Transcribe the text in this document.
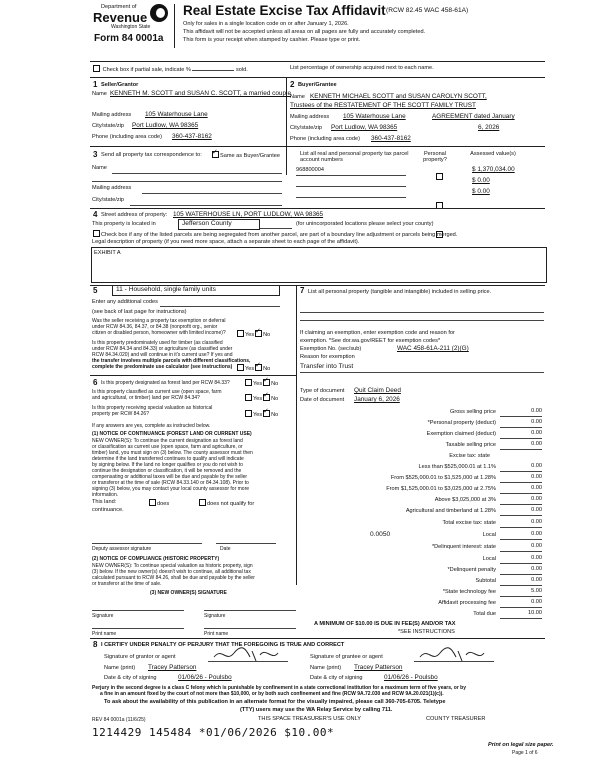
Department of
Revenue
Washington State
Form 84 0001a
Real Estate Excise Tax Affidavit (RCW 82.45 WAC 458-61A)
Only for sales in a single location code on or after January 1, 2026.
This affidavit will not be accepted unless all areas on all pages are fully and accurately completed.
This form is your receipt when stamped by cashier. Please type or print.
Check box if partial sale, indicate %	sold.	List percentage of ownership acquired next to each name.
1 Seller/Grantor
Name KENNETH M. SCOTT and SUSAN C. SCOTT, a married couple
Mailing address 105 Waterhouse Lane
City/state/zip Port Ludlow, WA 98365
Phone (including area code) 360-437-8162
2 Buyer/Grantee
Name KENNETH MICHAEL SCOTT and SUSAN CAROLYN SCOTT,
Trustees of the RESTATEMENT OF THE SCOTT FAMILY TRUST
Mailing address 105 Waterhouse Lane	AGREEMENT dated January
City/state/zip Port Ludlow, WA 98365	6, 2026
Phone (including area code) 360-437-8162
3 Send all property tax correspondence to: ✓	Same as Buyer/Grantee
Name
Mailing address
City/state/zip
List all real and personal property tax parcel account numbers
Personal property?
Assessed value(s)
968800004	$ 1,370,034.00
$ 0.00
$ 0.00
4 Street address of property: 105 WATERHOUSE LN, PORT LUDLOW, WA 98365
This property is located in	Jefferson County	(for unincorporated locations please select your county)
Check box if any of the listed parcels are being segregated from another parcel, are part of a boundary line adjustment or parcels being merged.
Legal description of property (if you need more space, attach a separate sheet to each page of the affidavit).
EXHIBIT A
5	11 - Household, single family units
Enter any additional codes
(see back of last page for instructions)
Was the seller receiving a property tax exemption or deferral
under RCW 84.36, 84.37, or 84.38 (nonprofit org., senior
citizen or disabled person, homeowner with limited income)?	Yes ✓ No
Is this property predominately used for timber (as classified
under RCW 84.34 and 84.33) or agriculture (as classified under
RCW 84.34.020) and will continue in it's current use? If yes and
the transfer involves multiple parcels with different classifications,
complete the predominate use calculator (see instructions)	Yes ✓ No
6 Is this property designated as forest land per RCW 84.33?	Yes ✓ No
Is this property classified as current use (open space, farm
and agricultural, or timber) land per RCW 84.34?	Yes ✓ No
Is this property receiving special valuation as historical
property per RCW 84.26?	Yes ✓ No
If any answers are yes, complete as instructed below.
(1) NOTICE OF CONTINUANCE (FOREST LAND OR CURRENT USE)
NEW OWNER(S): To continue the current designation as forest land
or classification as current use (open space, farm and agriculture, or
timber) land, you must sign on (3) below. The county assessor must then
determine if the land transferred continues to qualify and will indicate
by signing below. If the land no longer qualifies or you do not wish to
continue the designation or classification, it will be removed and the
compensating or additional taxes will be due and payable by the seller
or transferor at the time of sale (RCW 84.33.140 or 84.34.108). Prior to
signing (3) below, you may contact your local county assessor for more
information.
This land:	does	does not qualify for
continuance.
Deputy assessor signature	Date
(2) NOTICE OF COMPLIANCE (HISTORIC PROPERTY)
NEW OWNER(S): To continue special valuation as historic property, sign
(3) below. If the new owner(s) doesn't wish to continue, all additional tax
calculated pursuant to RCW 84.26, shall be due and payable by the seller
or transferor at the time of sale.
(3) NEW OWNER(S) SIGNATURE
Signature	Signature
Print name	Print name
7 List all personal property (tangible and intangible) included in selling price.
If claiming an exemption, enter exemption code and reason for
exemption. *See dor.wa.gov/REET for exemption codes*
Exemption No. (sec/sub)	WAC 458-61A-211 (2)(G)
Reason for exemption
Transfer into Trust
Type of document Quit Claim Deed
Date of document January 6, 2026
Gross selling price	0.00
*Personal property (deduct)	0.00
Exemption claimed (deduct)	0.00
Taxable selling price	0.00
Excise tax: state
Less than $525,000.01 at 1.1%	0.00
From $525,000.01 to $1,525,000 at 1.28%	0.00
From $1,525,000.01 to $3,025,000 at 2.75%	0.00
Above $3,025,000 at 3%	0.00
Agricultural and timberland at 1.28%	0.00
Total excise tax: state	0.00
0.0050	Local	0.00
*Delinquent interest: state	0.00
Local	0.00
*Delinquent penalty	0.00
Subtotal	0.00
*State technology fee	5.00
Affidavit processing fee	0.00
Total due	10.00
A MINIMUM OF $10.00 IS DUE IN FEE(S) AND/OR TAX
*SEE INSTRUCTIONS
8 I CERTIFY UNDER PENALTY OF PERJURY THAT THE FOREGOING IS TRUE AND CORRECT
Signature of grantor or agent
Name (print) Tracey Patterson
Date & city of signing	01/06/26 - Poulsbo
Signature of grantee or agent
Name (print) Tracey Patterson
Date & city of signing	01/06/26 - Poulsbo
Perjury in the second degree is a class C felony which is punishable by confinement in a state correctional institution for a maximum term of five years, or by
a fine in an amount fixed by the court of not more than $10,000, or by both such confinement and fine (RCW 9A.72.030 and RCW 9A.20.021(1)(c)).
To ask about the availability of this publication in an alternate format for the visually impaired, please call 360-705-6705. Teletype
(TTY) users may use the WA Relay Service by calling 711.
REV 84 0001a (11/6/25)	THIS SPACE TREASURER'S USE ONLY	COUNTY TREASURER
1214429 145484 *01/06/2026 $10.00*
Print on legal size paper.
Page 1 of 6
